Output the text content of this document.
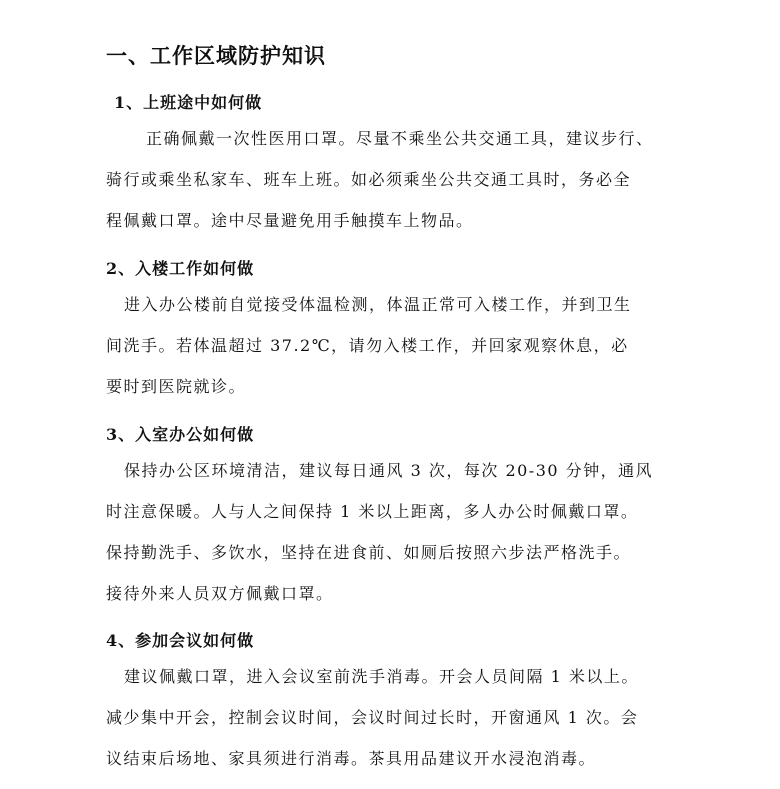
一、工作区域防护知识
1、上班途中如何做

正确佩戴一次性医用口罩。尽量不乘坐公共交通工具，建议步行、
骑行或乘坐私家车、班车上班。如必须乘坐公共交通工具时，务必全
程佩戴口罩。途中尽量避免用手触摸车上物品。

2、入楼工作如何做

进入办公楼前自觉接受体温检测，体温正常可入楼工作，并到卫生
间洗手。若体温超过 37.2℃，请勿入楼工作，并回家观察休息，必
要时到医院就诊。

3、入室办公如何做

保持办公区环境清洁，建议每日通风 3 次，每次 20-30 分钟，通风
时注意保暖。人与人之间保持 1 米以上距离，多人办公时佩戴口罩。
保持勤洗手、多饮水，坚持在进食前、如厕后按照六步法严格洗手。
接待外来人员双方佩戴口罩。

4、参加会议如何做

建议佩戴口罩，进入会议室前洗手消毒。开会人员间隔 1 米以上。
减少集中开会，控制会议时间，会议时间过长时，开窗通风 1 次。会
议结束后场地、家具须进行消毒。茶具用品建议开水浸泡消毒。
